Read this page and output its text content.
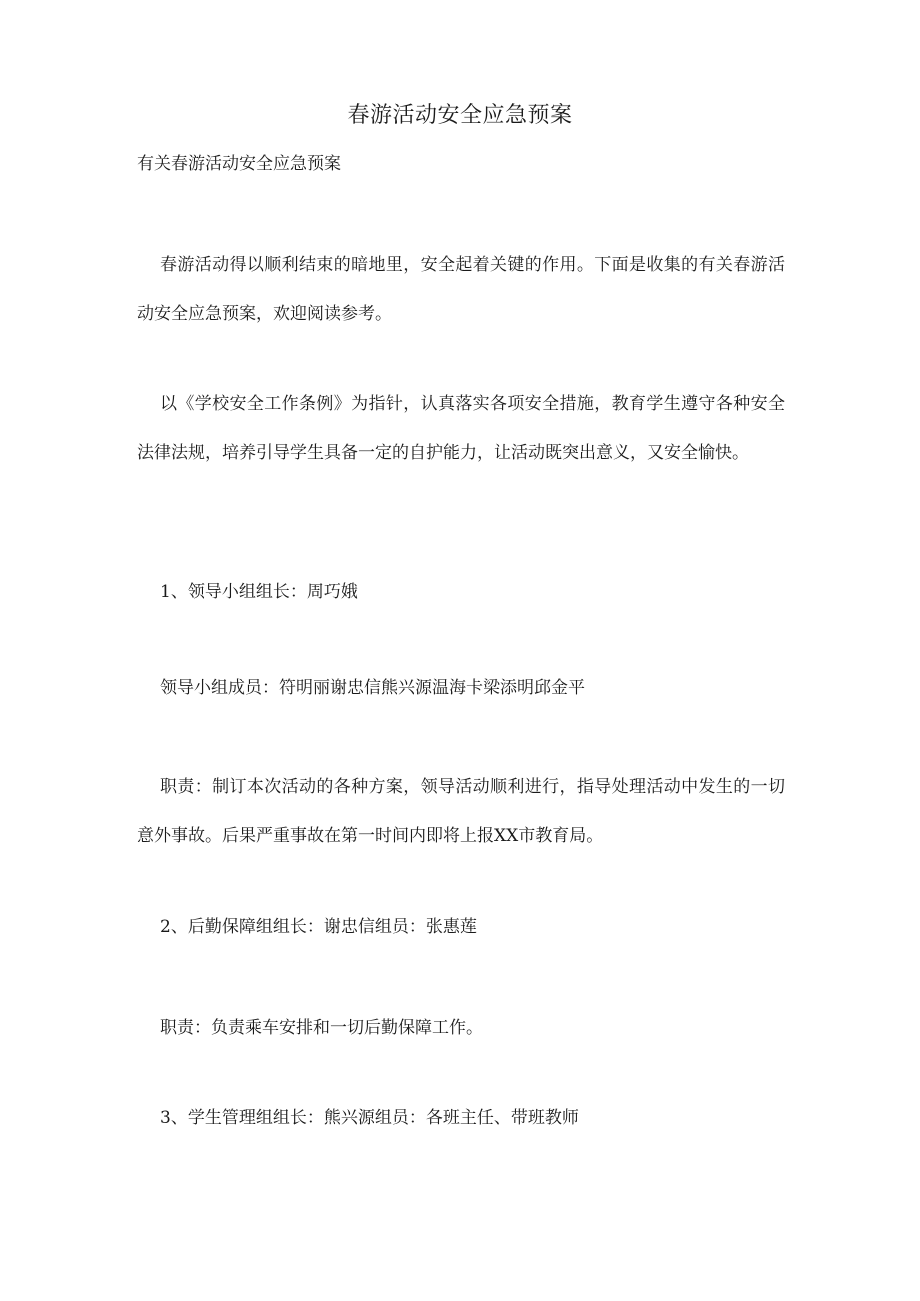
春游活动安全应急预案
有关春游活动安全应急预案

春游活动得以顺利结束的暗地里，安全起着关键的作用。下面是收集的有关春游活动安全应急预案，欢迎阅读参考。

以《学校安全工作条例》为指针，认真落实各项安全措施，教育学生遵守各种安全法律法规，培养引导学生具备一定的自护能力，让活动既突出意义，又安全愉快。

1、领导小组组长：周巧娥

领导小组成员：符明丽谢忠信熊兴源温海卡梁添明邱金平

职责：制订本次活动的各种方案，领导活动顺利进行，指导处理活动中发生的一切意外事故。后果严重事故在第一时间内即将上报XX市教育局。

2、后勤保障组组长：谢忠信组员：张惠莲

职责：负责乘车安排和一切后勤保障工作。

3、学生管理组组长：熊兴源组员：各班主任、带班教师
